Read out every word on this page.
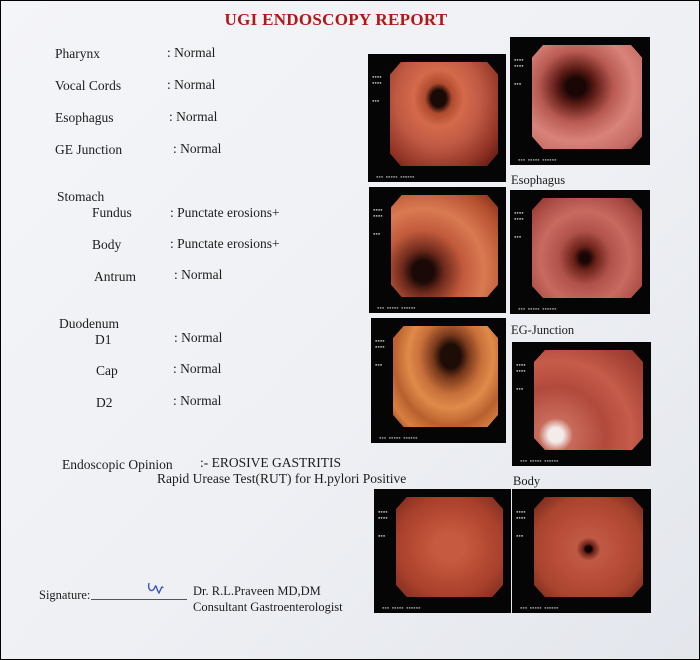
UGI ENDOSCOPY REPORT
Pharynx	: Normal
Vocal Cords	: Normal
Esophagus	: Normal
GE Junction	: Normal
Stomach
Fundus	: Punctate erosions+
Body	: Punctate erosions+
Antrum	: Normal
Duodenum
D1	: Normal
Cap	: Normal
D2	: Normal
Endoscopic Opinion :- EROSIVE GASTRITIS
Rapid Urease Test(RUT) for H.pylori Positive
Signature:	Dr. R.L.Praveen MD,DM
Consultant Gastroenterologist
▪▪▪▪
▪▪▪▪

▪▪▪
▪▪▪ ▪▪▪▪▪ ▪▪▪▪▪▪
▪▪▪▪
▪▪▪▪

▪▪▪
▪▪▪ ▪▪▪▪▪ ▪▪▪▪▪▪
Esophagus
▪▪▪▪
▪▪▪▪

▪▪▪
▪▪▪ ▪▪▪▪▪ ▪▪▪▪▪▪
▪▪▪▪
▪▪▪▪

▪▪▪
▪▪▪ ▪▪▪▪▪ ▪▪▪▪▪▪
EG-Junction
▪▪▪▪
▪▪▪▪

▪▪▪
▪▪▪ ▪▪▪▪▪ ▪▪▪▪▪▪
▪▪▪▪
▪▪▪▪

▪▪▪
▪▪▪ ▪▪▪▪▪ ▪▪▪▪▪▪
Body
▪▪▪▪
▪▪▪▪

▪▪▪
▪▪▪ ▪▪▪▪▪ ▪▪▪▪▪▪
▪▪▪▪
▪▪▪▪

▪▪▪
▪▪▪ ▪▪▪▪▪ ▪▪▪▪▪▪
